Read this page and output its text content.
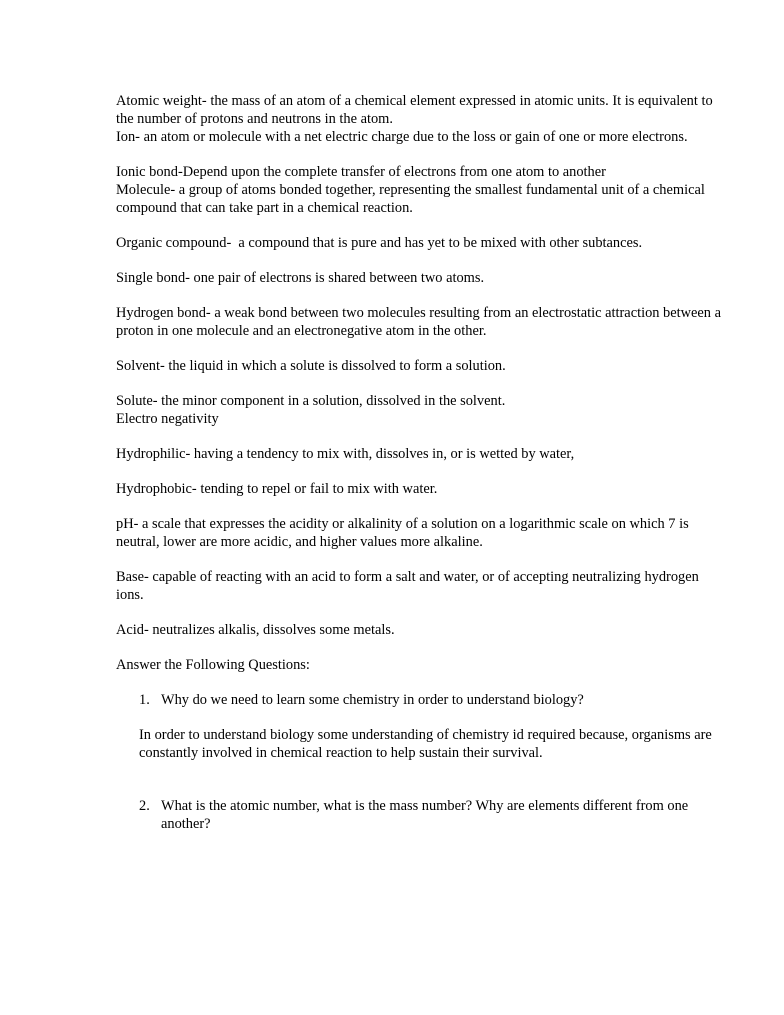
Atomic weight- the mass of an atom of a chemical element expressed in atomic units. It is equivalent to the number of protons and neutrons in the atom.

Ion- an atom or molecule with a net electric charge due to the loss or gain of one or more electrons.

Ionic bond-Depend upon the complete transfer of electrons from one atom to another

Molecule- a group of atoms bonded together, representing the smallest fundamental unit of a chemical compound that can take part in a chemical reaction.

Organic compound-  a compound that is pure and has yet to be mixed with other subtances.

Single bond- one pair of electrons is shared between two atoms.

Hydrogen bond- a weak bond between two molecules resulting from an electrostatic attraction between a proton in one molecule and an electronegative atom in the other.

Solvent- the liquid in which a solute is dissolved to form a solution.

Solute- the minor component in a solution, dissolved in the solvent.

Electro negativity

Hydrophilic- having a tendency to mix with, dissolves in, or is wetted by water,

Hydrophobic- tending to repel or fail to mix with water.

pH- a scale that expresses the acidity or alkalinity of a solution on a logarithmic scale on which 7 is neutral, lower are more acidic, and higher values more alkaline.

Base- capable of reacting with an acid to form a salt and water, or of accepting neutralizing hydrogen ions.

Acid- neutralizes alkalis, dissolves some metals.

Answer the Following Questions:

1. Why do we need to learn some chemistry in order to understand biology?

In order to understand biology some understanding of chemistry id required because, organisms are constantly involved in chemical reaction to help sustain their survival.

2. What is the atomic number, what is the mass number? Why are elements different from one another?
